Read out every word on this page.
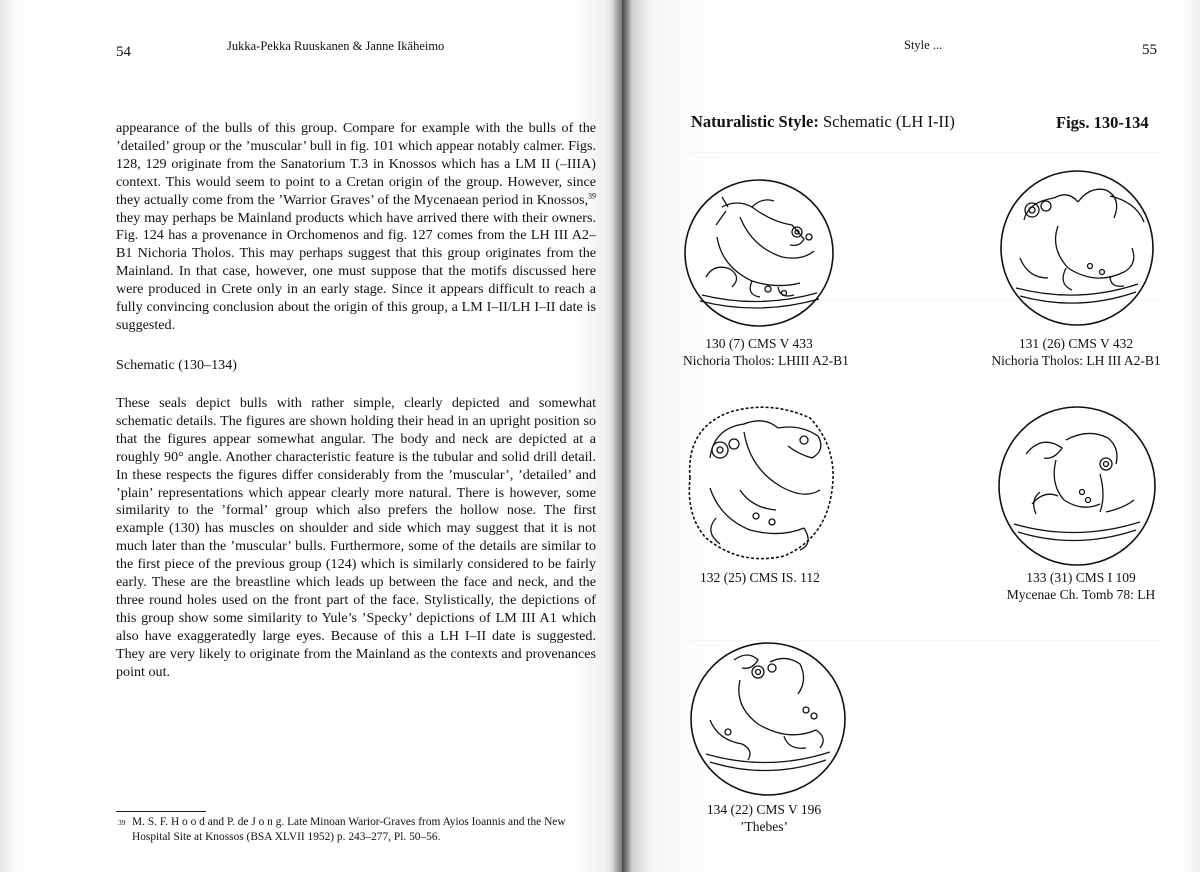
54	Jukka-Pekka Ruuskanen & Janne Ikäheimo

appearance of the bulls of this group. Compare for example with the bulls of the ’detailed’ group or the ’muscular’ bull in fig. 101 which appear notably calmer. Figs. 128, 129 originate from the Sanatorium T.3 in Knossos which has a LM II (–IIIA) context. This would seem to point to a Cretan origin of the group. However, since they actually come from the ’Warrior Graves’ of the Mycenaean period in Knossos,$^{39}$ they may perhaps be Mainland products which have arrived there with their owners. Fig. 124 has a provenance in Orchomenos and fig. 127 comes from the LH III A2–B1 Nichoria Tholos. This may perhaps suggest that this group originates from the Mainland. In that case, however, one must suppose that the motifs discussed here were produced in Crete only in an early stage. Since it appears difficult to reach a fully convincing conclusion about the origin of this group, a LM I–II/LH I–II date is suggested.

Schematic (130–134)
These seals depict bulls with rather simple, clearly depicted and somewhat schematic details. The figures are shown holding their head in an upright position so that the figures appear somewhat angular. The body and neck are depicted at a roughly 90° angle. Another characteristic feature is the tubular and solid drill detail. In these respects the figures differ considerably from the ’muscular’, ’detailed’ and ’plain’ representations which appear clearly more natural. There is however, some similarity to the ’formal’ group which also prefers the hollow nose. The first example (130) has muscles on shoulder and side which may suggest that it is not much later than the ’muscular’ bulls. Furthermore, some of the details are similar to the first piece of the previous group (124) which is similarly considered to be fairly early. These are the breastline which leads up between the face and neck, and the three round holes used on the front part of the face. Stylistically, the depictions of this group show some similarity to Yule’s ’Specky’ depictions of LM III A1 which also have exaggeratedly large eyes. Because of this a LH I–II date is suggested. They are very likely to originate from the Mainland as the contexts and provenances point out.
39 M. S. F. H o o d and P. de J o n g. Late Minoan Warior-Graves from Ayios Ioannis and the New Hospital Site at Knossos (BSA XLVII 1952) p. 243–277, Pl. 50–56.
Style ...	55
Naturalistic Style: Schematic (LH I-II)	Figs. 130-134
130 (7) CMS V 433
Nichoria Tholos: LHIII A2-B1
131 (26) CMS V 432
Nichoria Tholos: LH III A2-B1
132 (25) CMS IS. 112	133 (31) CMS I 109
Mycenae Ch. Tomb 78: LH
134 (22) CMS V 196
’Thebes’
